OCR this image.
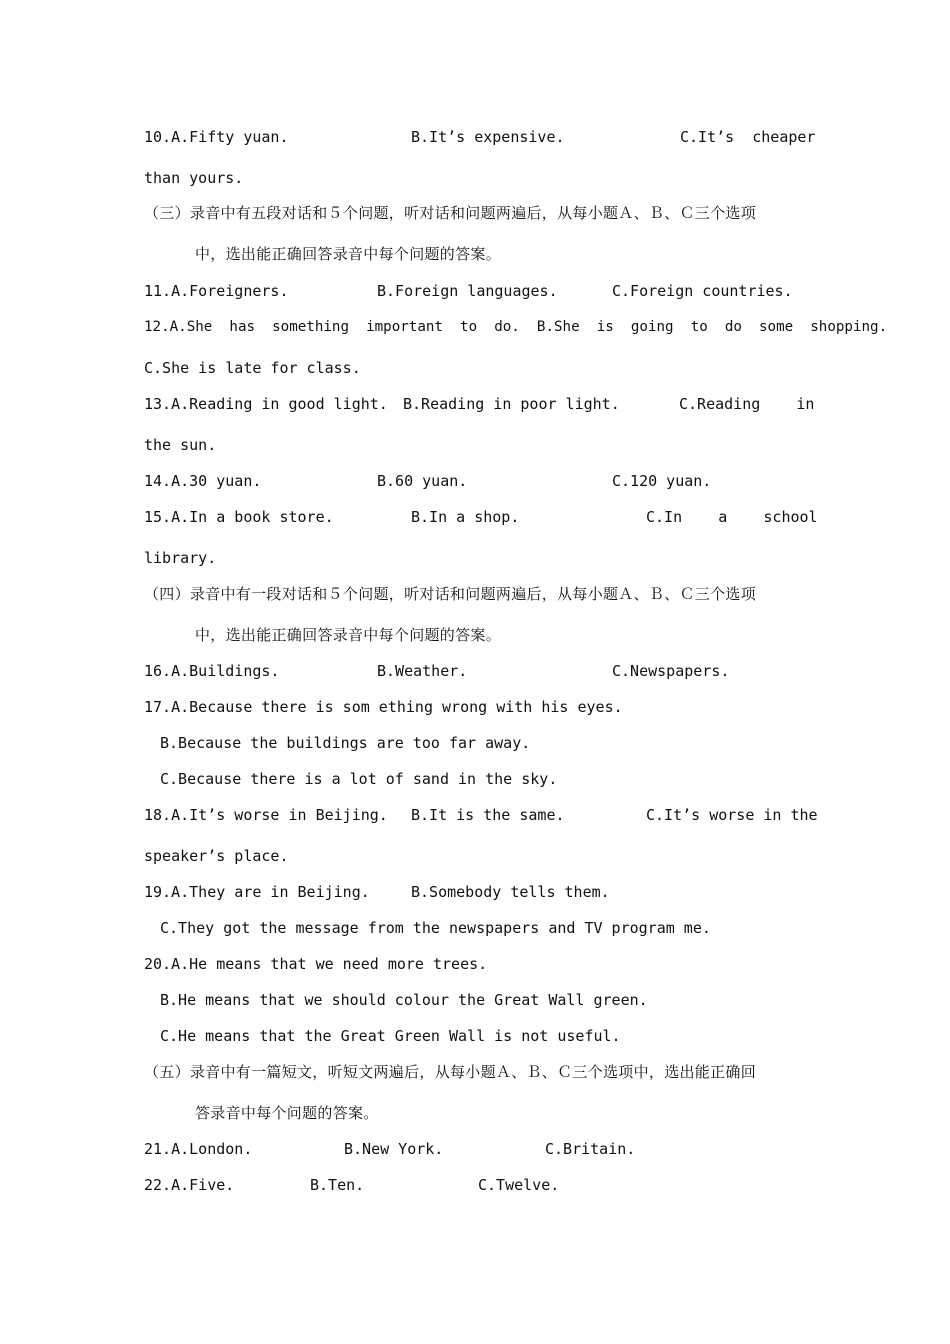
10.A.Fifty yuan.

	B.It’s expensive.

	C.It’s  cheaper

than yours.
（三）录音中有五段对话和５个问题，听对话和问题两遍后，从每小题Ａ、Ｂ、Ｃ三个选项
中，选出能正确回答录音中每个问题的答案。

11.A.Foreigners.

	B.Foreign languages.

	C.Foreign countries.

12.A.She  has  something  important  to  do.  B.She  is  going  to  do  some  shopping.
C.She is late for class.

13.A.Reading in good light.

B.Reading in poor light.

	C.Reading    in

the sun.

14.A.30 yuan.

	B.60 yuan.

	C.120 yuan.

15.A.In a book store.

	B.In a shop.

	C.In    a    school

library.
（四）录音中有一段对话和５个问题，听对话和问题两遍后，从每小题Ａ、Ｂ、Ｃ三个选项
中，选出能正确回答录音中每个问题的答案。

16.A.Buildings.

	B.Weather.

	C.Newspapers.

17.A.Because there is som ething wrong with his eyes.
B.Because the buildings are too far away.
C.Because there is a lot of sand in the sky.

18.A.It’s worse in Beijing.

B.It is the same.

	C.It’s worse in the

speaker’s place.

19.A.They are in Beijing.

	B.Somebody tells them.

C.They got the message from the newspapers and TV program me.
20.A.He means that we need more trees.
B.He means that we should colour the Great Wall green.
C.He means that the Great Green Wall is not useful.
（五）录音中有一篇短文，听短文两遍后，从每小题Ａ、Ｂ、Ｃ三个选项中，选出能正确回
答录音中每个问题的答案。

21.A.London.

	B.New York.

	C.Britain.

22.A.Five.

	B.Ten.

	C.Twelve.
